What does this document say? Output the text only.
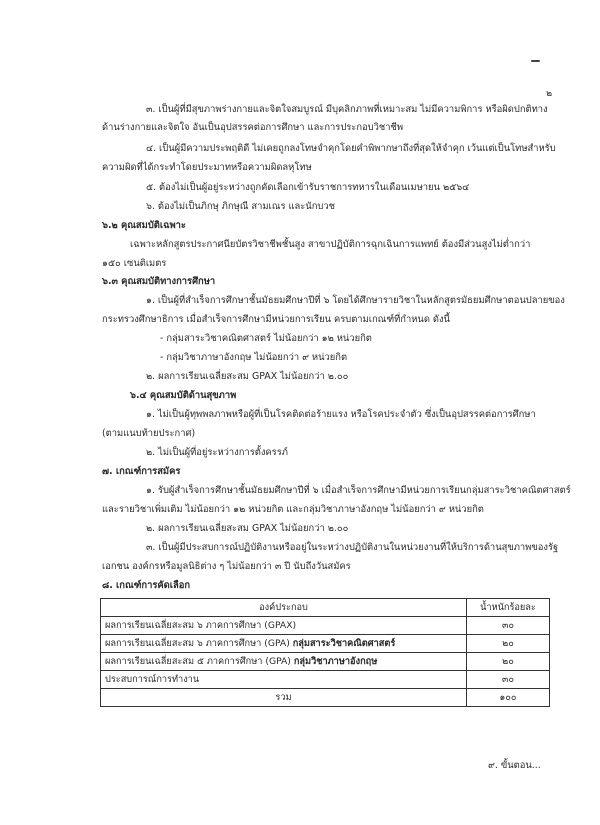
๒
๓. เป็นผู้ที่มีสุขภาพร่างกายและจิตใจสมบูรณ์ มีบุคลิกภาพที่เหมาะสม ไม่มีความพิการ หรือผิดปกติทาง
ด้านร่างกายและจิตใจ อันเป็นอุปสรรคต่อการศึกษา และการประกอบวิชาชีพ
๔. เป็นผู้มีความประพฤติดี ไม่เคยถูกลงโทษจำคุกโดยคำพิพากษาถึงที่สุดให้จำคุก เว้นแต่เป็นโทษสำหรับ
ความผิดที่ได้กระทำโดยประมาทหรือความผิดลหุโทษ
๕. ต้องไม่เป็นผู้อยู่ระหว่างถูกคัดเลือกเข้ารับราชการทหารในเดือนเมษายน ๒๕๖๔
๖. ต้องไม่เป็นภิกษุ ภิกษุณี สามเณร และนักบวช
๖.๒ คุณสมบัติเฉพาะ
เฉพาะหลักสูตรประกาศนียบัตรวิชาชีพชั้นสูง สาขาปฏิบัติการฉุกเฉินการแพทย์ ต้องมีส่วนสูงไม่ต่ำกว่า
๑๕๐ เซนติเมตร
๖.๓ คุณสมบัติทางการศึกษา
๑. เป็นผู้ที่สำเร็จการศึกษาชั้นมัธยมศึกษาปีที่ ๖ โดยได้ศึกษารายวิชาในหลักสูตรมัธยมศึกษาตอนปลายของ
กระทรวงศึกษาธิการ เมื่อสำเร็จการศึกษามีหน่วยการเรียน ครบตามเกณฑ์ที่กำหนด ดังนี้
- กลุ่มสาระวิชาคณิตศาสตร์ ไม่น้อยกว่า ๑๒ หน่วยกิต
- กลุ่มวิชาภาษาอังกฤษ ไม่น้อยกว่า ๙ หน่วยกิต
๒. ผลการเรียนเฉลี่ยสะสม GPAX ไม่น้อยกว่า ๒.๐๐
๖.๔ คุณสมบัติด้านสุขภาพ
๑. ไม่เป็นผู้ทุพพลภาพหรือผู้ที่เป็นโรคติดต่อร้ายแรง หรือโรคประจำตัว ซึ่งเป็นอุปสรรคต่อการศึกษา
(ตามแนบท้ายประกาศ)
๒. ไม่เป็นผู้ที่อยู่ระหว่างการตั้งครรภ์
๗. เกณฑ์การสมัคร
๑. รับผู้สำเร็จการศึกษาชั้นมัธยมศึกษาปีที่ ๖ เมื่อสำเร็จการศึกษามีหน่วยการเรียนกลุ่มสาระวิชาคณิตศาสตร์
และรายวิชาเพิ่มเติม ไม่น้อยกว่า ๑๒ หน่วยกิต และกลุ่มวิชาภาษาอังกฤษ ไม่น้อยกว่า ๙ หน่วยกิต
๒. ผลการเรียนเฉลี่ยสะสม GPAX ไม่น้อยกว่า ๒.๐๐
๓. เป็นผู้มีประสบการณ์ปฏิบัติงานหรืออยู่ในระหว่างปฏิบัติงานในหน่วยงานที่ให้บริการด้านสุขภาพของรัฐ
เอกชน องค์กรหรือมูลนิธิต่าง ๆ ไม่น้อยกว่า ๓ ปี นับถึงวันสมัคร
๘. เกณฑ์การคัดเลือก
องค์ประกอบ	น้ำหนักร้อยละ
ผลการเรียนเฉลี่ยสะสม ๖ ภาคการศึกษา (GPAX)	๓๐
ผลการเรียนเฉลี่ยสะสม ๖ ภาคการศึกษา (GPA) กลุ่มสาระวิชาคณิตศาสตร์	๒๐
ผลการเรียนเฉลี่ยสะสม ๕ ภาคการศึกษา (GPA) กลุ่มวิชาภาษาอังกฤษ	๒๐
ประสบการณ์การทำงาน	๓๐
รวม	๑๐๐
๙. ขั้นตอน...
